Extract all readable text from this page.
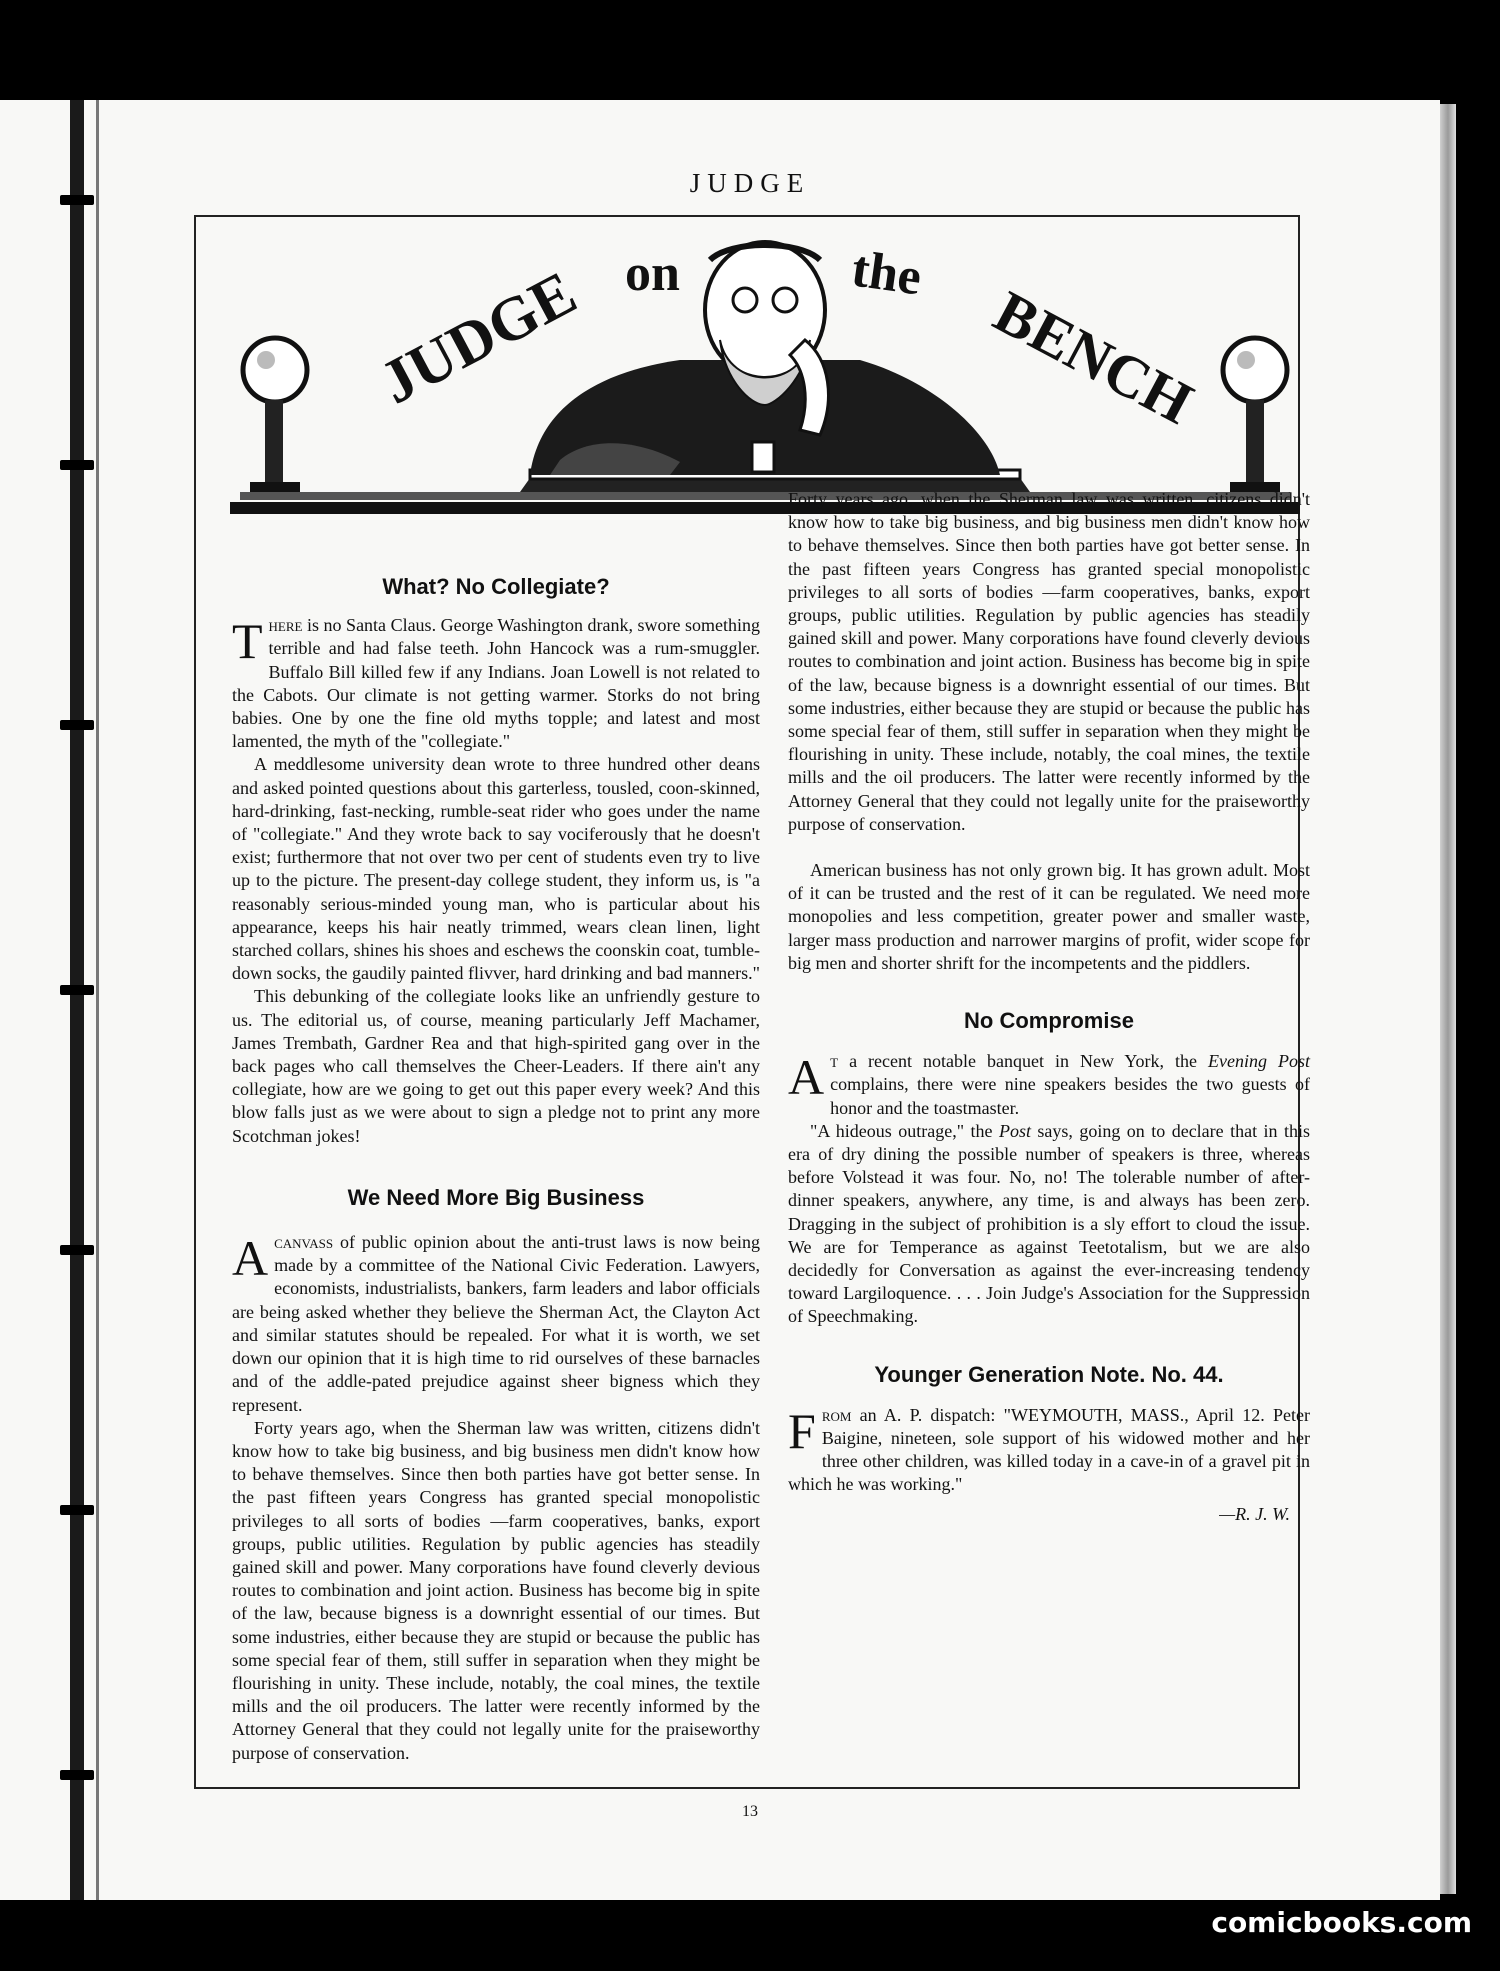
JUDGE
JUDGE on	the
BENCH
What? No Collegiate?

There is no Santa Claus. George Washington drank, swore something terrible and had false teeth. John Hancock was a rum-smuggler. Buffalo Bill killed few if any Indians. Joan Lowell is not related to the Cabots. Our climate is not getting warmer. Storks do not bring babies. One by one the fine old myths topple; and latest and most lamented, the myth of the "collegiate."

A meddlesome university dean wrote to three hundred other deans and asked pointed questions about this garterless, tousled, coon-skinned, hard-drinking, fast-necking, rumble-seat rider who goes under the name of "collegiate." And they wrote back to say vociferously that he doesn't exist; furthermore that not over two per cent of students even try to live up to the picture. The present-day college student, they inform us, is "a reasonably serious-minded young man, who is particular about his appearance, keeps his hair neatly trimmed, wears clean linen, light starched collars, shines his shoes and eschews the coonskin coat, tumble-down socks, the gaudily painted flivver, hard drinking and bad manners."

This debunking of the collegiate looks like an unfriendly gesture to us. The editorial us, of course, meaning particularly Jeff Machamer, James Trembath, Gardner Rea and that high-spirited gang over in the back pages who call themselves the Cheer-Leaders. If there ain't any collegiate, how are we going to get out this paper every week? And this blow falls just as we were about to sign a pledge not to print any more Scotchman jokes!

We Need More Big Business

Acanvass of public opinion about the anti-trust laws is now being made by a committee of the National Civic Federation. Lawyers, economists, industrialists, bankers, farm leaders and labor officials are being asked whether they believe the Sherman Act, the Clayton Act and similar statutes should be repealed. For what it is worth, we set down our opinion that it is high time to rid ourselves of these barnacles and of the addle-pated prejudice against sheer bigness which they represent.

Forty years ago, when the Sherman law was written, citizens didn't know how to take big business, and big business men didn't know how to behave themselves. Since then both parties have got better sense. In the past fifteen years Congress has granted special monopolistic privileges to all sorts of bodies —farm cooperatives, banks, export groups, public utilities. Regulation by public agencies has steadily gained skill and power. Many corporations have found cleverly devious routes to combination and joint action. Business has become big in spite of the law, because bigness is a downright essential of our times. But some industries, either because they are stupid or because the public has some special fear of them, still suffer in separation when they might be flourishing in unity. These include, notably, the coal mines, the textile mills and the oil producers. The latter were recently informed by the Attorney General that they could not legally unite for the praiseworthy purpose of conservation.

Forty years ago, when the Sherman law was written, citizens didn't know how to take big business, and big business men didn't know how to behave themselves. Since then both parties have got better sense. In the past fifteen years Congress has granted special monopolistic privileges to all sorts of bodies —farm cooperatives, banks, export groups, public utilities. Regulation by public agencies has steadily gained skill and power. Many corporations have found cleverly devious routes to combination and joint action. Business has become big in spite of the law, because bigness is a downright essential of our times. But some industries, either because they are stupid or because the public has some special fear of them, still suffer in separation when they might be flourishing in unity. These include, notably, the coal mines, the textile mills and the oil producers. The latter were recently informed by the Attorney General that they could not legally unite for the praiseworthy purpose of conservation.

American business has not only grown big. It has grown adult. Most of it can be trusted and the rest of it can be regulated. We need more monopolies and less competition, greater power and smaller waste, larger mass production and narrower margins of profit, wider scope for big men and shorter shrift for the incompetents and the piddlers.

No Compromise

At a recent notable banquet in New York, the Evening Post complains, there were nine speakers besides the two guests of honor and the toastmaster.

"A hideous outrage," the Post says, going on to declare that in this era of dry dining the possible number of speakers is three, whereas before Volstead it was four. No, no! The tolerable number of after-dinner speakers, anywhere, any time, is and always has been zero. Dragging in the subject of prohibition is a sly effort to cloud the issue. We are for Temperance as against Teetotalism, but we are also decidedly for Conversation as against the ever-increasing tendency toward Largiloquence. . . . Join Judge's Association for the Suppression of Speechmaking.

Younger Generation Note. No. 44.

From an A. P. dispatch: "WEYMOUTH, MASS., April 12. Peter Baigine, nineteen, sole support of his widowed mother and her three other children, was killed today in a cave-in of a gravel pit in which he was working."

—R. J. W.
13
comicbooks.com
